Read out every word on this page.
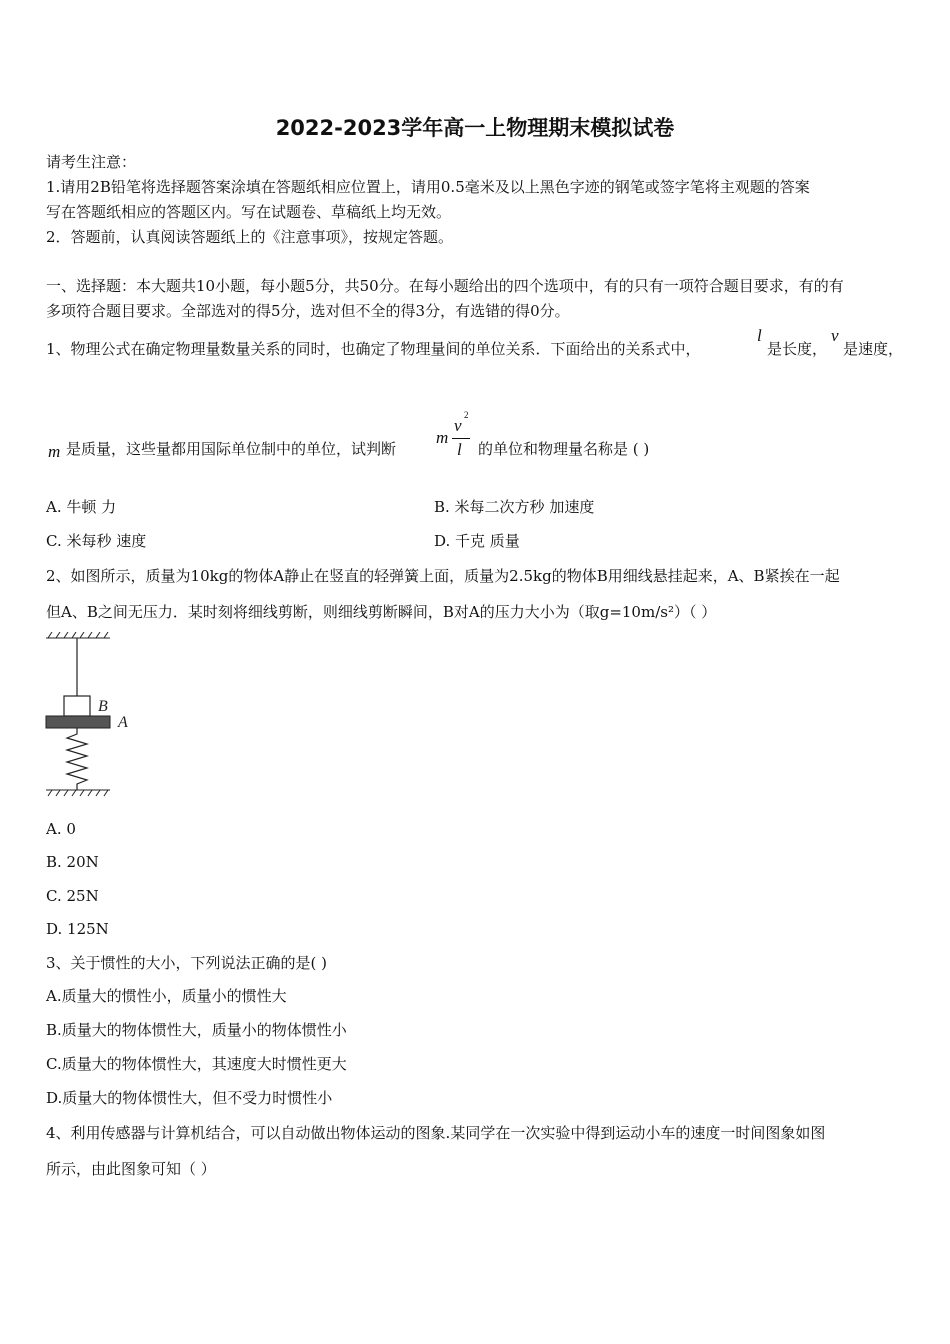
2022-2023学年高一上物理期末模拟试卷
请考生注意：
1.请用2B铅笔将选择题答案涂填在答题纸相应位置上，请用0.5毫米及以上黑色字迹的钢笔或签字笔将主观题的答案
写在答题纸相应的答题区内。写在试题卷、草稿纸上均无效。
2．答题前，认真阅读答题纸上的《注意事项》，按规定答题。
一、选择题：本大题共10小题，每小题5分，共50分。在每小题给出的四个选项中，有的只有一项符合题目要求，有的有
多项符合题目要求。全部选对的得5分，选对但不全的得3分，有选错的得0分。
1、物理公式在确定物理量数量关系的同时，也确定了物理量间的单位关系．下面给出的关系式中，
l
是长度，
v
是速度，
m 是质量，这些量都用国际单位制中的单位，试判断
m
v
2
l 的单位和物理量名称是 ( )
A. 牛顿 力	B. 米每二次方秒 加速度
C. 米每秒 速度	D. 千克 质量
2、如图所示，质量为10kg的物体A静止在竖直的轻弹簧上面，质量为2.5kg的物体B用细线悬挂起来，A、B紧挨在一起
但A、B之间无压力．某时刻将细线剪断，则细线剪断瞬间，B对A的压力大小为（取g=10m/s²）（ ）
B
A
A. 0
B. 20N
C. 25N
D. 125N
3、关于惯性的大小，下列说法正确的是( )
A.质量大的惯性小，质量小的惯性大
B.质量大的物体惯性大，质量小的物体惯性小
C.质量大的物体惯性大，其速度大时惯性更大
D.质量大的物体惯性大，但不受力时惯性小
4、利用传感器与计算机结合，可以自动做出物体运动的图象.某同学在一次实验中得到运动小车的速度一时间图象如图
所示，由此图象可知（ ）
